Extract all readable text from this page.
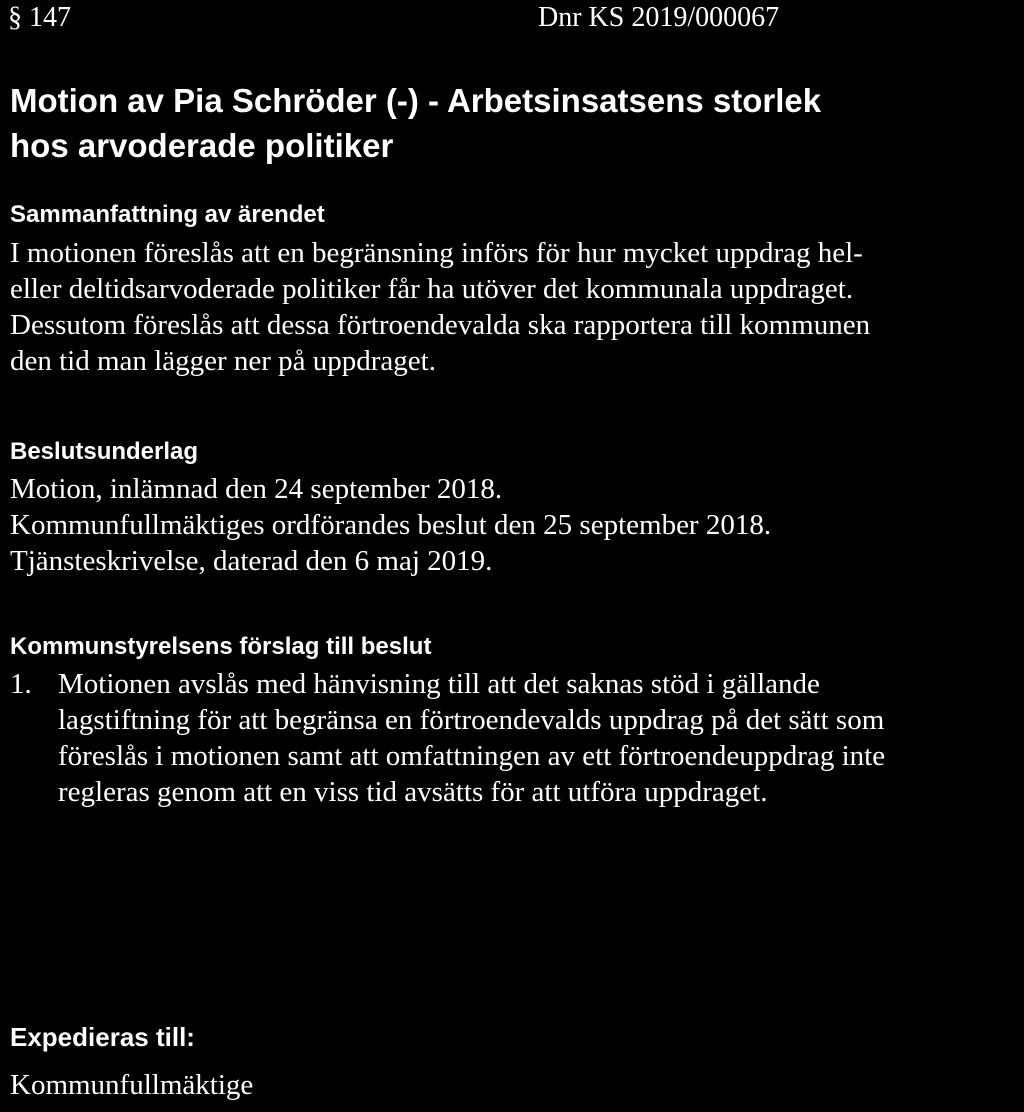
§ 147	Dnr KS 2019/000067
Motion av Pia Schröder (-) - Arbetsinsatsens storlek
hos arvoderade politiker
Sammanfattning av ärendet
I motionen föreslås att en begränsning införs för hur mycket uppdrag hel-
eller deltidsarvoderade politiker får ha utöver det kommunala uppdraget.
Dessutom föreslås att dessa förtroendevalda ska rapportera till kommunen
den tid man lägger ner på uppdraget.
Beslutsunderlag
Motion, inlämnad den 24 september 2018.
Kommunfullmäktiges ordförandes beslut den 25 september 2018.
Tjänsteskrivelse, daterad den 6 maj 2019.
Kommunstyrelsens förslag till beslut
1. Motionen avslås med hänvisning till att det saknas stöd i gällande
lagstiftning för att begränsa en förtroendevalds uppdrag på det sätt som
föreslås i motionen samt att omfattningen av ett förtroendeuppdrag inte
regleras genom att en viss tid avsätts för att utföra uppdraget.
Expedieras till:
Kommunfullmäktige
